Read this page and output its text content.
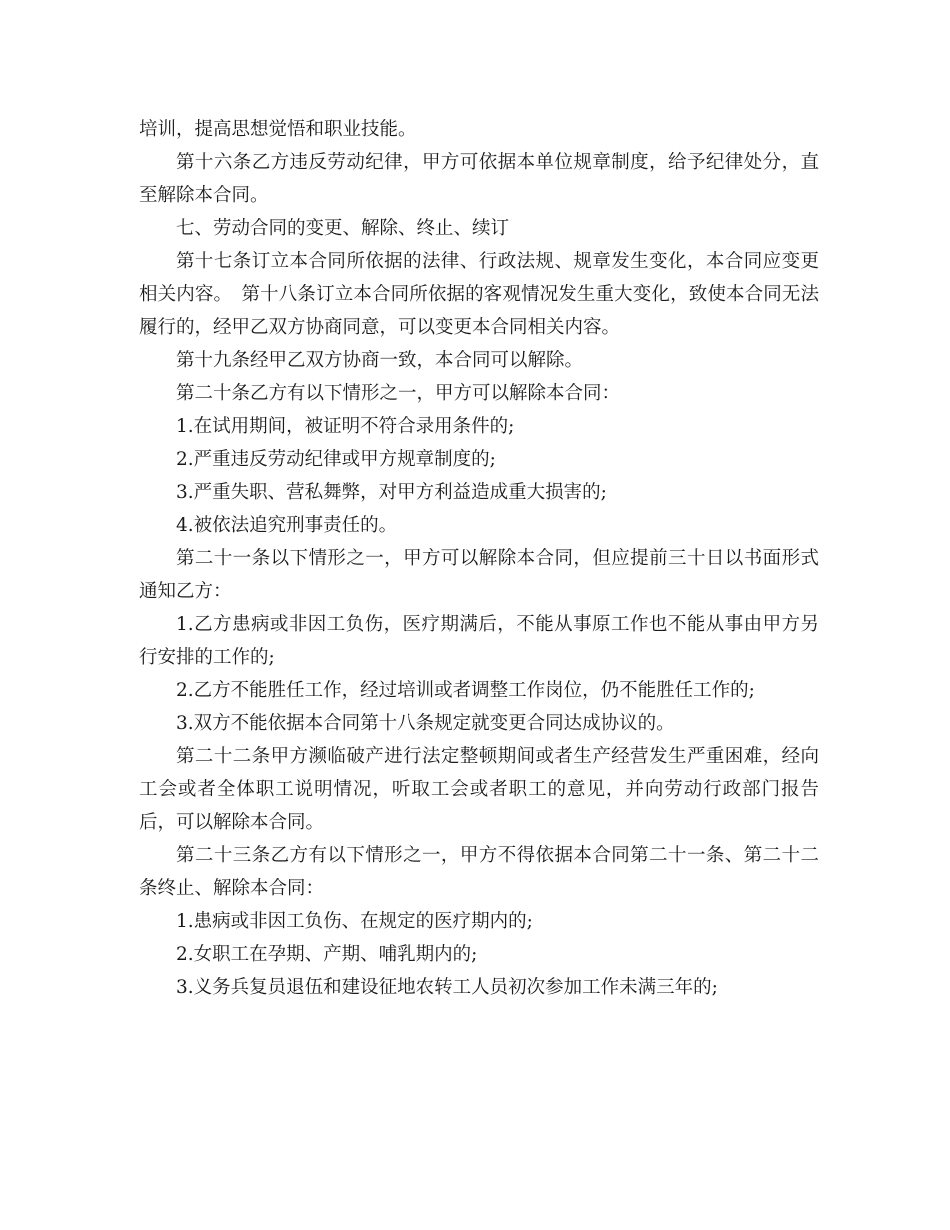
培训，提高思想觉悟和职业技能。

第十六条乙方违反劳动纪律，甲方可依据本单位规章制度，给予纪律处分，直至解除本合同。

七、劳动合同的变更、解除、终止、续订

第十七条订立本合同所依据的法律、行政法规、规章发生变化，本合同应变更相关内容。　第十八条订立本合同所依据的客观情况发生重大变化，致使本合同无法履行的，经甲乙双方协商同意，可以变更本合同相关内容。

第十九条经甲乙双方协商一致，本合同可以解除。

第二十条乙方有以下情形之一，甲方可以解除本合同：

1.在试用期间，被证明不符合录用条件的;

2.严重违反劳动纪律或甲方规章制度的;

3.严重失职、营私舞弊，对甲方利益造成重大损害的;

4.被依法追究刑事责任的。

第二十一条以下情形之一，甲方可以解除本合同，但应提前三十日以书面形式通知乙方：

1.乙方患病或非因工负伤，医疗期满后，不能从事原工作也不能从事由甲方另行安排的工作的;

2.乙方不能胜任工作，经过培训或者调整工作岗位，仍不能胜任工作的;

3.双方不能依据本合同第十八条规定就变更合同达成协议的。

第二十二条甲方濒临破产进行法定整顿期间或者生产经营发生严重困难，经向工会或者全体职工说明情况，听取工会或者职工的意见，并向劳动行政部门报告后，可以解除本合同。

第二十三条乙方有以下情形之一，甲方不得依据本合同第二十一条、第二十二条终止、解除本合同：

1.患病或非因工负伤、在规定的医疗期内的;

2.女职工在孕期、产期、哺乳期内的;

3.义务兵复员退伍和建设征地农转工人员初次参加工作未满三年的;
